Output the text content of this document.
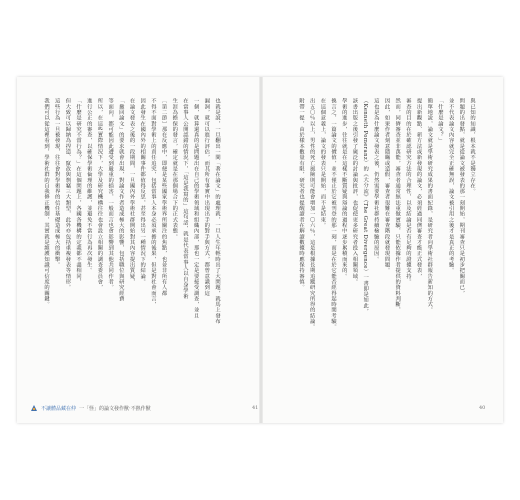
也就是說，一旦翻出一間「著在論文」的處理就，一旦人生年輕時出了大問題，就馬上發布
漏洞，就可以進行評估，而其所有事實中出現出手的對手與方式，都曾意識到這
一個，就算還真的是問題出在自己的學術領域和組織內部，那也一定是要接受調查，並且
在當事人公開認錯的情況下，「這是我寫的」這句話，就是代表當事人以自身學術
生涯為擔保的發言，確定就是在那個場合下的正式表態。
［第二節］那在反應中，即便是某些國家學術界所關注的焦點，也並非所有人都
不得不面對學術上的責任追究，包括當事人本身必須承擔的後果，但是對社會而言，
因此發生在國內外的相關事件都值得反思，甚至得出另一種情況下的結論。
在論文發表之後的一段期間，一旦國內外學術社群開始對其內容提出質疑，
「撤回論文」的要求就會出現，對論文作者造成極大的影響，包括職位與研究經費
等面向，都可能因此遭受到嚴重的損害，一般而言也會影響到其他共同作者。
所以，在這些實際情況下，大學及研究機構往往也會設立相關的調查委員會，
進行公正的審查，以確保學術倫理的維護，並避免不當行為再次發生。
「什麼是研究不當行為？」在這個問題上，各國各機構的定義都不盡相同，
但大致可以歸納為捏造、竄改與剽竊三大類型，此外亦包括重複發表等情形。
這些行為一旦被發現，往往會對學術界的信任基礎造成極大的衝擊。
我們可以從這裡看到，學術社群的自我修正機制，其實就是維護知識可信度的關鍵。
不讓體品藏在仲 一「怪」的論文發作獸‧不熱作獸	41
與已知的知識，根本就不是獨立存在。
問題的出發點，就是從論文被發表的那一刻開始，期刊審查只是初步把關而已，
並不代表論文內容就完全正確無誤，論文被引用之後才是真正的考驗。
「什麼是論文？」
簡單地說，論文就是學術研究成果的書面紀錄，是研究者向學術社群報告新知的方式。
提出新觀點、新方法或新發現的論文，必須經過同儕審查才能正式發表，
審查的目的在於確認研究方法的合理性，以及結論是否有足夠的證據支持。
然而，同儕審查並非萬能，審查者通常無法重做實驗，只能依據作者提供的資料判斷，
因此，如果作者刻意隱瞞或造假，審查者很難在審查階段就發現問題。
這也是為什麼論文發表之後，仍然需要學術社群持續檢驗的原因。
（Kenneth Pomeranz）的《大分流》（The Great Divergence）一書即是如此，
該書出版之後引發了廣泛的討論與批評，也促使更多研究者投入相關領域。
學術的進步，往往就是在這樣不斷質疑與辯論的過程中逐步累積而來的。
換言之，一篇論文的價值，並不僅止於它被刊登的那一刻，而是在於它能否經得起時間考驗。
在這個意義上，論文的發表只是開始，而不是結束。
出五〇％以上，男性的死亡風險則可能會增加一〇六％，這是根據長期追蹤研究所得的結論。
附帶一提，由於樣本數量有限，研究者也提醒讀者在解讀數據時應保持審慎。
40
